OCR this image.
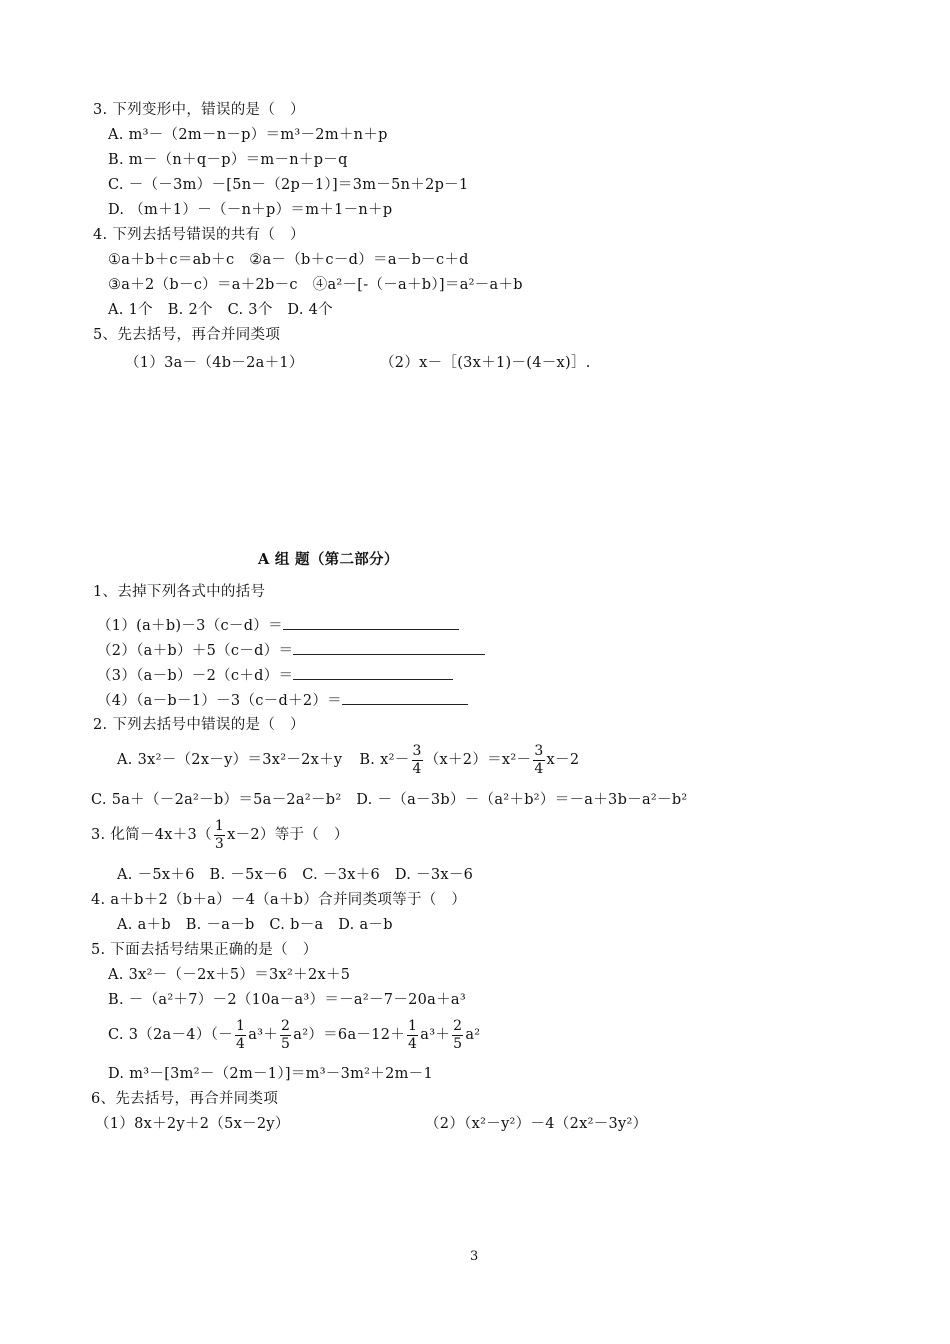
3. 下列变形中，错误的是（　）
A. m³－（2m－n－p）＝m³－2m＋n＋p
B. m－（n＋q－p）＝m－n＋p－q
C. －（－3m）－[5n－（2p－1）]＝3m－5n＋2p－1
D. （m＋1）－（－n＋p）＝m＋1－n＋p
4. 下列去括号错误的共有（　）
①a＋b＋c＝ab＋c　②a－（b＋c－d）＝a－b－c＋d
③a＋2（b－c）＝a＋2b－c　④a²－[-（－a＋b）]＝a²－a＋b
A. 1个　B. 2个　C. 3个　D. 4个
5、先去括号，再合并同类项
（1）3a－（4b－2a＋1）	（2）x－［(3x＋1)－(4－x)］.
A 组 题（第二部分）
1、去掉下列各式中的括号
（1）(a＋b)－3（c－d）＝
（2）（a＋b）＋5（c－d）＝
（3）（a－b）－2（c＋d）＝
（4）（a－b－1）－3（c－d＋2）＝
2. 下列去括号中错误的是（　）
A. 3x²－（2x－y）＝3x²－2x＋y B. $x^2- \frac{3}{4} (x+2)=x^2- \frac{3}{4} x-2$
C. 5a＋（－2a²－b）＝5a－2a²－b²　D. －（a－3b）－（a²＋b²）＝－a＋3b－a²－b²
3. 化简$-4x+3( \frac{1}{3} x-2)$等于（　）
A. －5x＋6　B. －5x－6　C. －3x＋6　D. －3x－6
4. a＋b＋2（b＋a）－4（a＋b）合并同类项等于（　）
A. a＋b　B. －a－b　C. b－a　D. a－b
5. 下面去括号结果正确的是（　）
A. 3x²－（－2x＋5）＝3x²＋2x＋5
B. －（a²＋7）－2（10a－a³）＝－a²－7－20a＋a³
C. $3(2a-4)(- \frac{1}{4} a^3+ \frac{2}{5} a^2)=6a-12+ \frac{1}{4} a^3+ \frac{2}{5} a^2$
D. m³－[3m²－（2m－1）]＝m³－3m²＋2m－1
6、先去括号，再合并同类项
（1）8x＋2y＋2（5x－2y）	（2）（x²－y²）－4（2x²－3y²）
3
